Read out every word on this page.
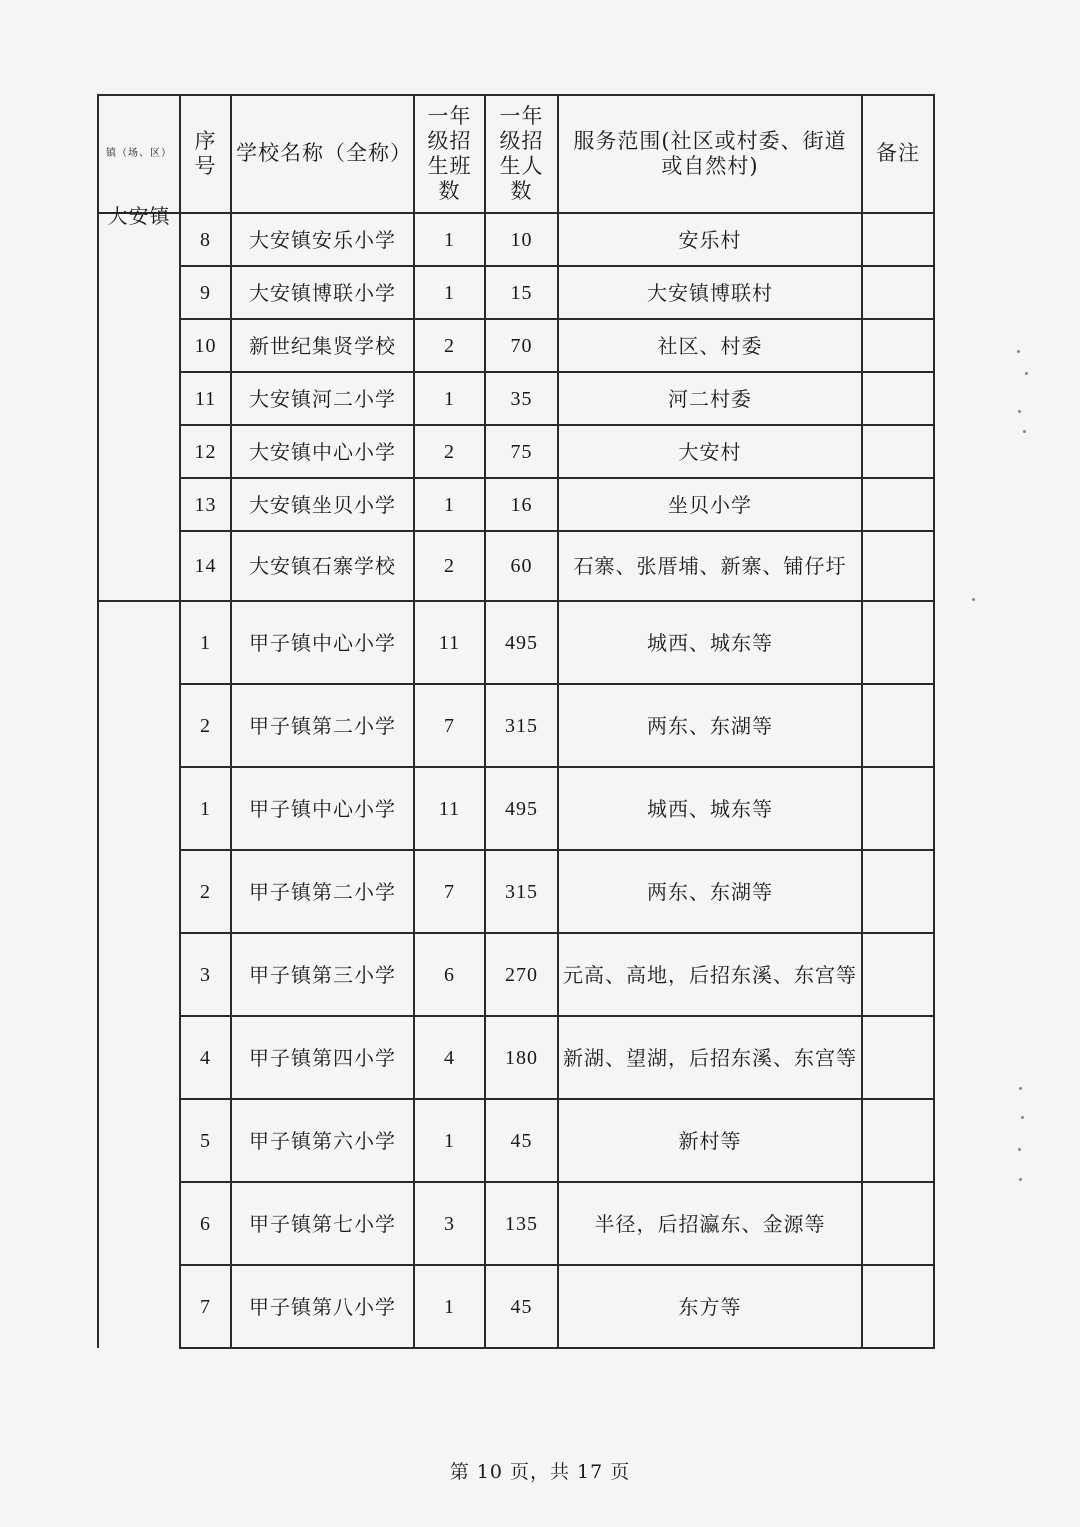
镇（场、区）	序号	学校名称（全称）	一年级招生班数	一年级招生人数	服务范围(社区或村委、街道或自然村)	备注

大安镇	8	大安镇安乐小学	1	10	安乐村	
	9	大安镇博联小学	1	15	大安镇博联村	
	10	新世纪集贤学校	2	70	社区、村委	
	11	大安镇河二小学	1	35	河二村委	
	12	大安镇中心小学	2	75	大安村	
	13	大安镇坐贝小学	1	16	坐贝小学	
	14	大安镇石寨学校	2	60	石寨、张厝埔、新寨、铺仔圩	
	1	甲子镇中心小学	11	495	城西、城东等	
	2	甲子镇第二小学	7	315	两东、东湖等	
	1	甲子镇中心小学	11	495	城西、城东等	
	2	甲子镇第二小学	7	315	两东、东湖等	
	3	甲子镇第三小学	6	270	元高、高地，后招东溪、东宫等	
	4	甲子镇第四小学	4	180	新湖、望湖，后招东溪、东宫等	
	5	甲子镇第六小学	1	45	新村等	
	6	甲子镇第七小学	3	135	半径，后招瀛东、金源等	
	7	甲子镇第八小学	1	45	东方等	
第 10 页，共 17 页
